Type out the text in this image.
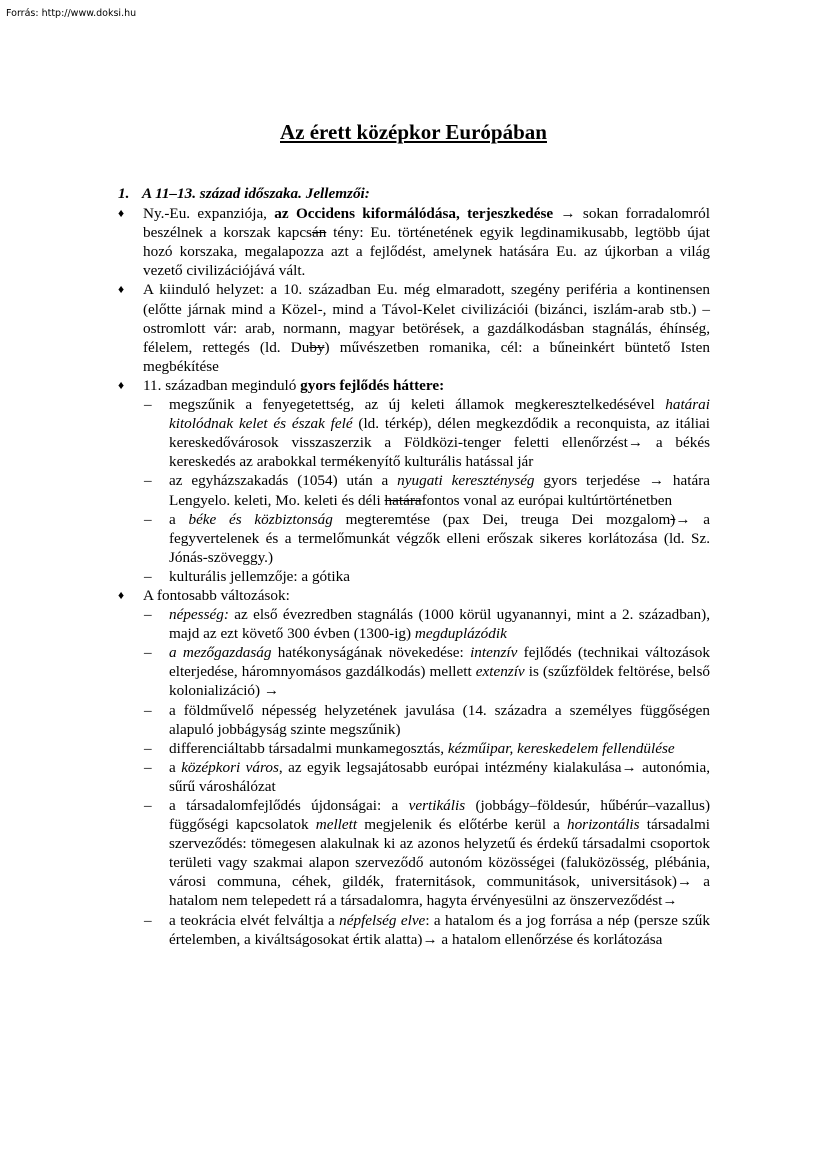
Forrás: http://www.doksi.hu
Az érett középkor Európában
1. A 11–13. század időszaka. Jellemzői:
♦ Ny.-Eu. expanziója, az Occidens kiformálódása, terjeszkedése → sokan forradalomról beszélnek a korszak kapcsán tény: Eu. történetének egyik legdinamikusabb, legtöbb újat hozó korszaka, megalapozza azt a fejlődést, amelynek hatására Eu. az újkorban a világ vezető civilizációjává vált.
♦ A kiinduló helyzet: a 10. században Eu. még elmaradott, szegény periféria a kontinensen (előtte járnak mind a Közel-, mind a Távol-Kelet civilizációi (bizánci, iszlám-arab stb.) – ostromlott vár: arab, normann, magyar betörések, a gazdálkodásban stagnálás, éhínség, félelem, rettegés (ld. Duby) művészetben romanika, cél: a bűneinkért büntető Isten megbékítése
♦ 11. században meginduló gyors fejlődés háttere:
– megszűnik a fenyegetettség, az új keleti államok megkeresztelkedésével határai kitolódnak kelet és észak felé (ld. térkép), délen megkezdődik a reconquista, az itáliai kereskedővárosok visszaszerzik a Földközi-tenger feletti ellenőrzést→ a békés kereskedés az arabokkal termékenyítő kulturális hatással jár
– az egyházszakadás (1054) után a nyugati kereszténység gyors terjedése → határa Lengyelo. keleti, Mo. keleti és déli határafontos vonal az európai kultúrtörténetben
– a béke és közbiztonság megteremtése (pax Dei, treuga Dei mozgalom)→ a fegyvertelenek és a termelőmunkát végzők elleni erőszak sikeres korlátozása (ld. Sz. Jónás-szöveggy.)
– kulturális jellemzője: a gótika
♦ A fontosabb változások:
– népesség: az első évezredben stagnálás (1000 körül ugyanannyi, mint a 2. században), majd az ezt követő 300 évben (1300-ig) megduplázódik
– a mezőgazdaság hatékonyságának növekedése: intenzív fejlődés (technikai változások elterjedése, háromnyomásos gazdálkodás) mellett extenzív is (szűzföldek feltörése, belső kolonializáció) →
– a földművelő népesség helyzetének javulása (14. századra a személyes függőségen alapuló jobbágyság szinte megszűnik)
– differenciáltabb társadalmi munkamegosztás, kézműipar, kereskedelem fellendülése
– a középkori város, az egyik legsajátosabb európai intézmény kialakulása→ autonómia, sűrű városhálózat
– a társadalomfejlődés újdonságai: a vertikális (jobbágy–földesúr, hűbérúr–vazallus) függőségi kapcsolatok mellett megjelenik és előtérbe kerül a horizontális társadalmi szerveződés: tömegesen alakulnak ki az azonos helyzetű és érdekű társadalmi csoportok területi vagy szakmai alapon szerveződő autonóm közösségei (faluközösség, plébánia, városi communa, céhek, gildék, fraternitások, communitások, universitások)→ a hatalom nem telepedett rá a társadalomra, hagyta érvényesülni az önszerveződést→
– a teokrácia elvét felváltja a népfelség elve: a hatalom és a jog forrása a nép (persze szűk értelemben, a kiváltságosokat értik alatta)→ a hatalom ellenőrzése és korlátozása
